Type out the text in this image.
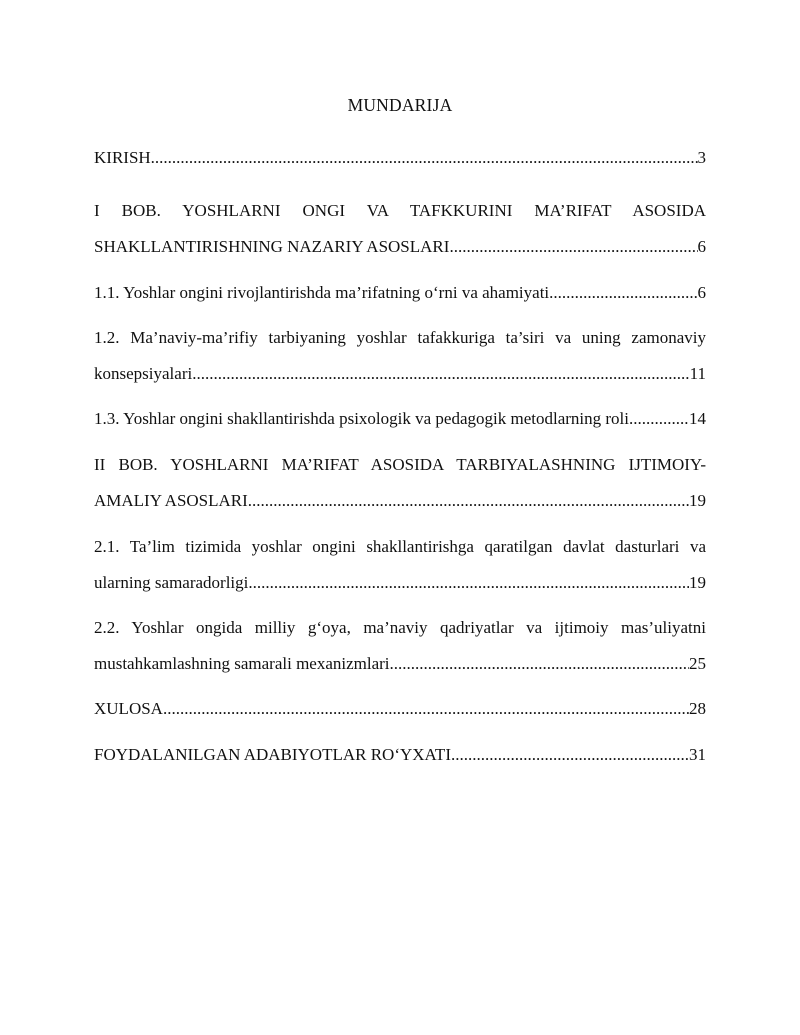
MUNDARIJA
KIRISH .....	3
I BOB. YOSHLARNI ONGI VA TAFKKURINI MA’RIFAT ASOSIDA
SHAKLLANTIRISHNING NAZARIY ASOSLARI .....	6
1.1. Yoshlar ongini rivojlantirishda ma’rifatning o‘rni va ahamiyati .....	6
1.2. Ma’naviy-ma’rifiy tarbiyaning yoshlar tafakkuriga ta’siri va uning zamonaviy
konsepsiyalari .....	11
1.3. Yoshlar ongini shakllantirishda psixologik va pedagogik metodlarning roli .....	14
II BOB. YOSHLARNI MA’RIFAT ASOSIDA TARBIYALASHNING IJTIMOIY-
AMALIY ASOSLARI .....	19
2.1. Ta’lim tizimida yoshlar ongini shakllantirishga qaratilgan davlat dasturlari va
ularning samaradorligi .....	19
2.2. Yoshlar ongida milliy g‘oya, ma’naviy qadriyatlar va ijtimoiy mas’uliyatni
mustahkamlashning samarali mexanizmlari .....	25
XULOSA .....	28
FOYDALANILGAN ADABIYOTLAR RO‘YXATI .....	31
